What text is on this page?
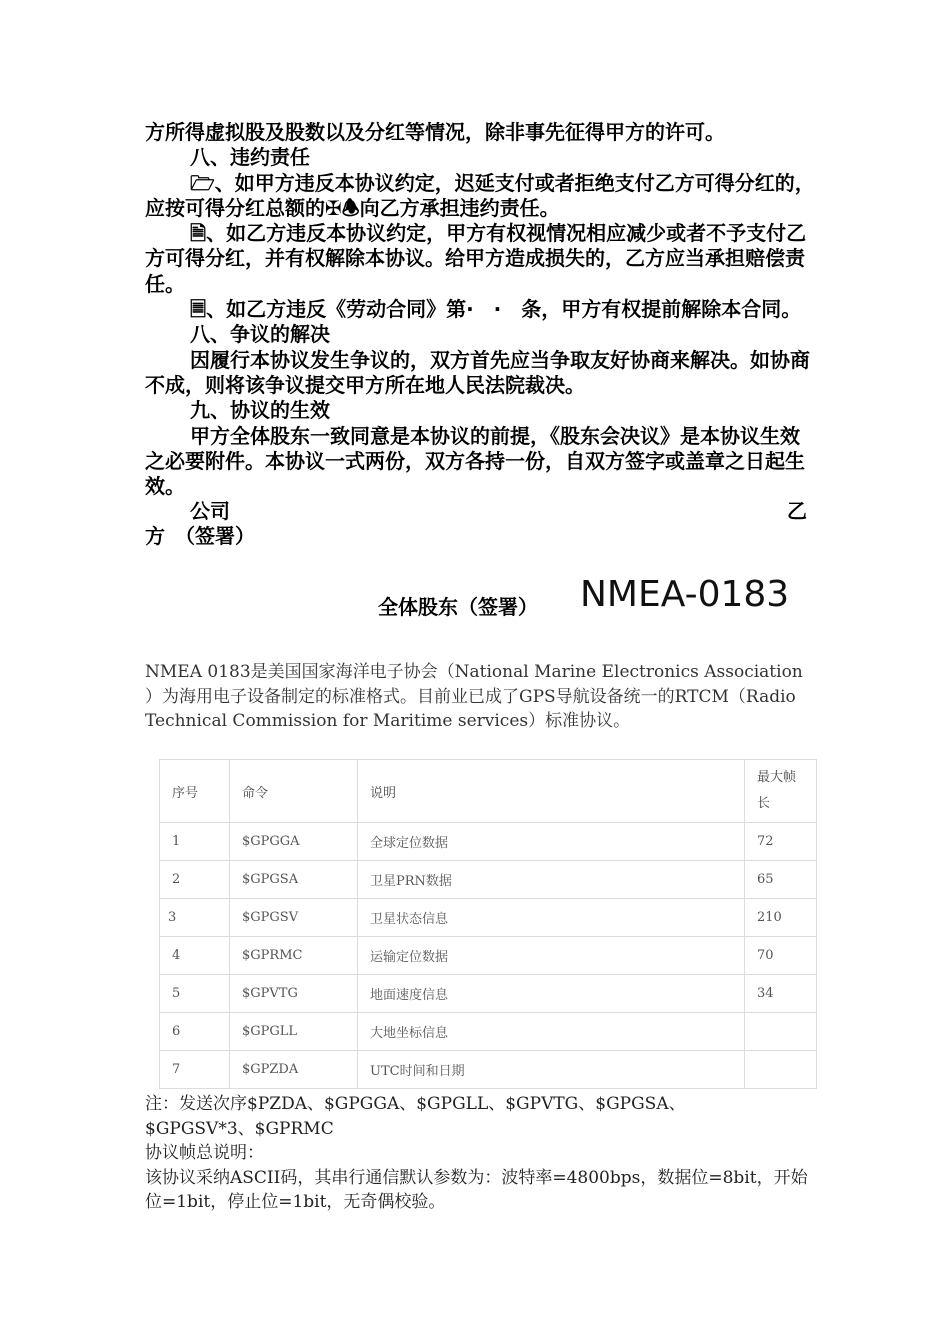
方所得虚拟股及股数以及分红等情况，除非事先征得甲方的许可。

八、违约责任

🗁、如甲方违反本协议约定，迟延支付或者拒绝支付乙方可得分红的，应按可得分红总额的✠🕭向乙方承担违约责任。

🗎、如乙方违反本协议约定，甲方有权视情况相应减少或者不予支付乙方可得分红，并有权解除本协议。给甲方造成损失的，乙方应当承担赔偿责任。

🗏、如乙方违反《劳动合同》第·　·　条，甲方有权提前解除本合同。

八、争议的解决

因履行本协议发生争议的，双方首先应当争取友好协商来解决。如协商不成，则将该争议提交甲方所在地人民法院裁决。

九、协议的生效

甲方全体股东一致同意是本协议的前提，《股东会决议》是本协议生效之必要附件。本协议一式两份，双方各持一份，自双方签字或盖章之日起生效。

公司	乙

方　（签署）

全体股东（签署） NMEA-0183
NMEA 0183是美国国家海洋电子协会（National Marine Electronics Association ）为海用电子设备制定的标准格式。目前业已成了GPS导航设备统一的RTCM（Radio Technical Commission for Maritime services）标准协议。
序号	命令	说明	最大帧长
1	$GPGGA	全球定位数据	72
2	$GPGSA	卫星PRN数据	65
3	$GPGSV	卫星状态信息	210
4	$GPRMC	运输定位数据	70
5	$GPVTG	地面速度信息	34
6	$GPGLL	大地坐标信息	
7	$GPZDA	UTC时间和日期	

注：发送次序$PZDA、$GPGGA、$GPGLL、$GPVTG、$GPGSA、$GPGSV*3、$GPRMC

协议帧总说明：

该协议采纳ASCII码，其串行通信默认参数为：波特率=4800bps，数据位=8bit，开始位=1bit，停止位=1bit，无奇偶校验。
